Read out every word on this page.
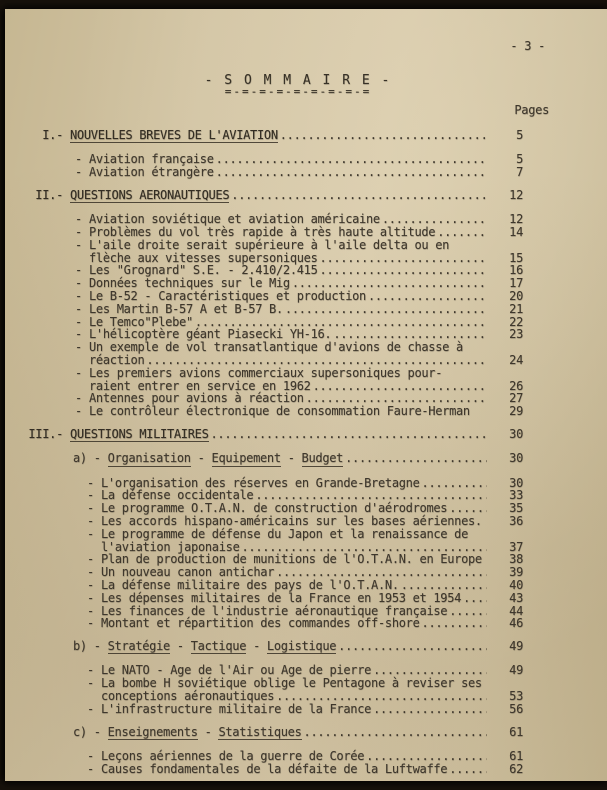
- 3 -
- S O M M A I R E -
=-=-=-=-=-=-=-=-=
Pages
I.- NOUVELLES BREVES DE L'AVIATION .....	5
- Aviation française .....	5
- Aviation étrangère .....	7
II.- QUESTIONS AERONAUTIQUES .....	12
- Aviation soviétique et aviation américaine .....	12
- Problèmes du vol très rapide à très haute altitude .....	14
- L'aile droite serait supérieure à l'aile delta ou en

flèche aux vitesses supersoniques .....	15
- Les "Grognard" S.E. - 2.410/2.415 .....	16
- Données techniques sur le Mig .....	17
- Le B-52 - Caractéristiques et production .....	20
- Les Martin B-57 A et B-57 B. .....	21
- Le Temco"Plebe" .....	22
- L'hélicoptère géant Piasecki YH-16. .....	23
- Un exemple de vol transatlantique d'avions de chasse à

réaction .....	24
- Les premiers avions commerciaux supersoniques pour-

raient entrer en service en 1962 .....	26
- Antennes pour avions à réaction .....	27
- Le contrôleur électronique de consommation Faure-Herman	29
III.- QUESTIONS MILITAIRES .....	30
a) - Organisation - Equipement - Budget .....	30
- L'organisation des réserves en Grande-Bretagne .....	30
- La défense occidentale .....	33
- Le programme O.T.A.N. de construction d'aérodromes .....	35
- Les accords hispano-américains sur les bases aériennes.	36
- Le programme de défense du Japon et la renaissance de

l'aviation japonaise .....	37
- Plan de production de munitions de l'O.T.A.N. en Europe	38
- Un nouveau canon antichar .....	39
- La défense militaire des pays de l'O.T.A.N. .....	40
- Les dépenses militaires de la France en 1953 et 1954 .....	43
- Les finances de l'industrie aéronautique française .....	44
- Montant et répartition des commandes off-shore .....	46
b) - Stratégie - Tactique - Logistique .....	49
- Le NATO - Age de l'Air ou Age de pierre .....	49
- La bombe H soviétique oblige le Pentagone à reviser ses

conceptions aéronautiques .....	53
- L'infrastructure militaire de la France .....	56
c) - Enseignements - Statistiques .....	61
- Leçons aériennes de la guerre de Corée .....	61
- Causes fondamentales de la défaite de la Luftwaffe .....	62
